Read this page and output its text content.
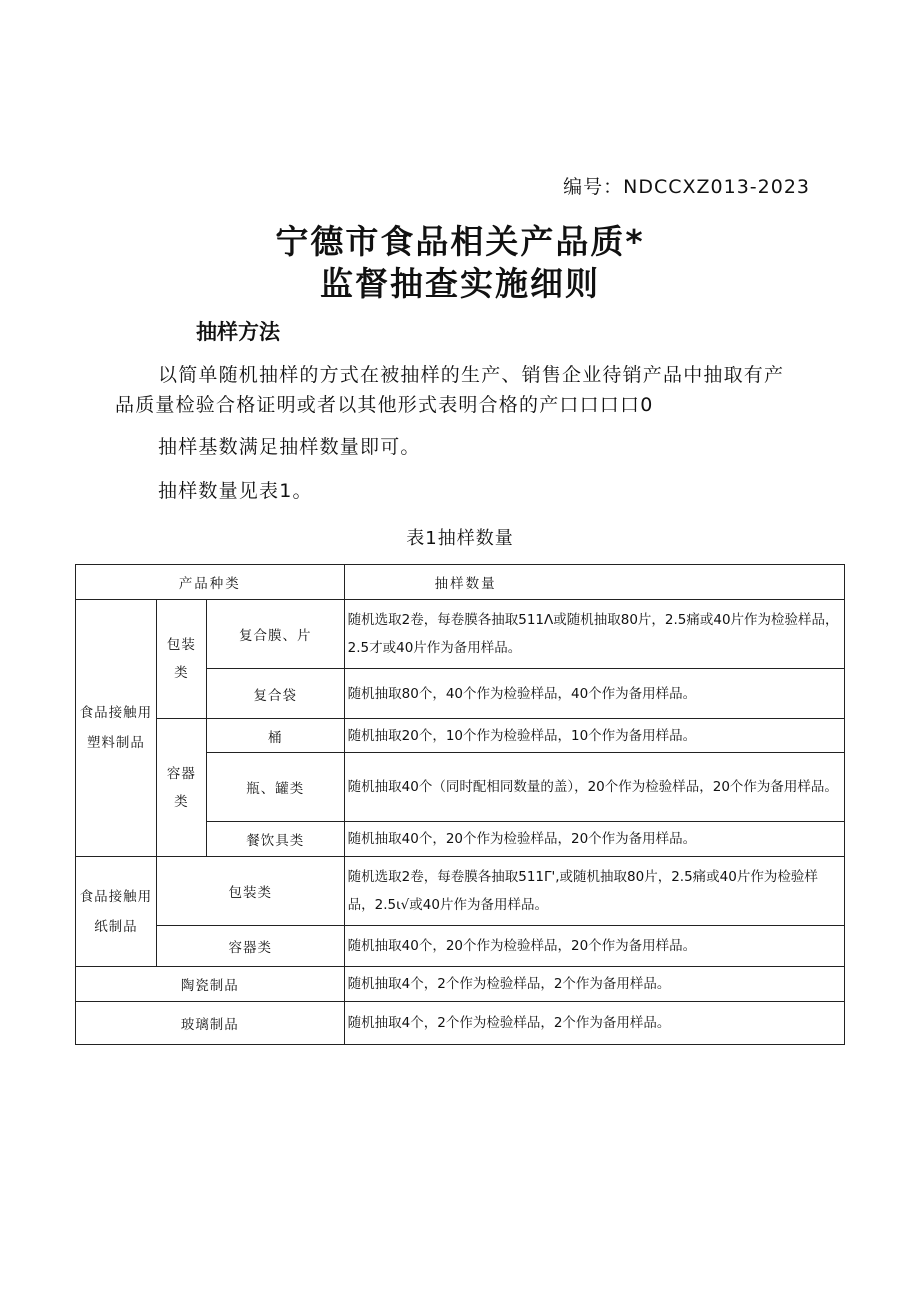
编号：NDCCXZ013-2023
宁德市食品相关产品质*
监督抽查实施细则
抽样方法
以简单随机抽样的方式在被抽样的生产、销售企业待销产品中抽取有产
品质量检验合格证明或者以其他形式表明合格的产口口口口0
抽样基数满足抽样数量即可。
抽样数量见表1。
表1抽样数量
产品种类			抽样数量
食品接触用塑料制品	包装类	复合膜、片	随机选取2卷，每卷膜各抽取511Λ或随机抽取80片，2.5痛或40片作为检验样品，2.5才或40片作为备用样品。
		复合袋	随机抽取80个，40个作为检验样品，40个作为备用样品。
	容器类	桶	随机抽取20个，10个作为检验样品，10个作为备用样品。
		瓶、罐类	随机抽取40个（同时配相同数量的盖），20个作为检验样品，20个作为备用样品。
		餐饮具类	随机抽取40个，20个作为检验样品，20个作为备用样品。
食品接触用纸制品	包装类		随机选取2卷，每卷膜各抽取511Γ',或随机抽取80片，2.5痛或40片作为检验样品，2.5ι√或40片作为备用样品。
	容器类		随机抽取40个，20个作为检验样品，20个作为备用样品。
陶瓷制品			随机抽取4个，2个作为检验样品，2个作为备用样品。
玻璃制品			随机抽取4个，2个作为检验样品，2个作为备用样品。
